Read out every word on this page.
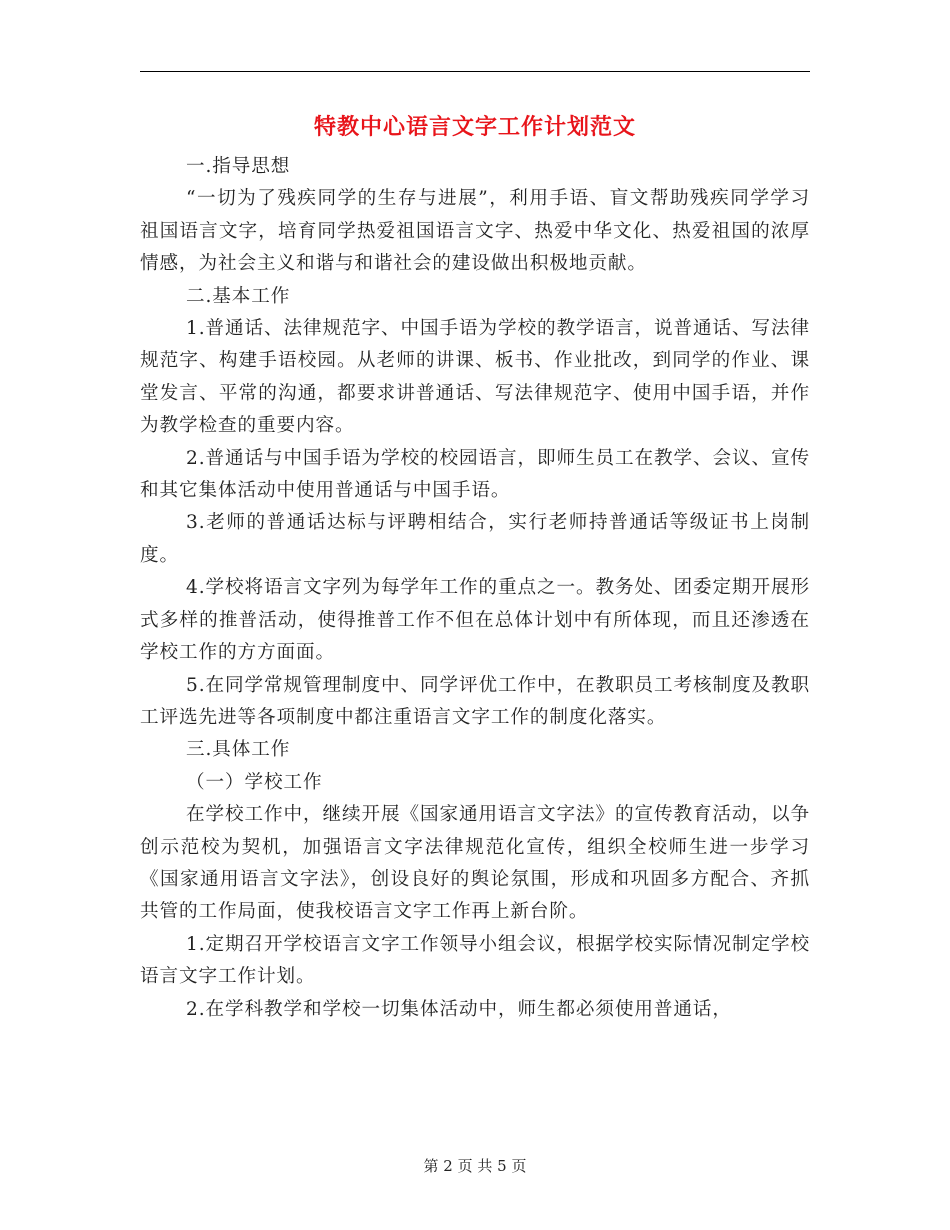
特教中心语言文字工作计划范文

一.指导思想

“一切为了残疾同学的生存与进展”，利用手语、盲文帮助残疾同学学习祖国语言文字，培育同学热爱祖国语言文字、热爱中华文化、热爱祖国的浓厚情感，为社会主义和谐与和谐社会的建设做出积极地贡献。

二.基本工作

1.普通话、法律规范字、中国手语为学校的教学语言，说普通话、写法律规范字、构建手语校园。从老师的讲课、板书、作业批改，到同学的作业、课堂发言、平常的沟通，都要求讲普通话、写法律规范字、使用中国手语，并作为教学检查的重要内容。

2.普通话与中国手语为学校的校园语言，即师生员工在教学、会议、宣传和其它集体活动中使用普通话与中国手语。

3.老师的普通话达标与评聘相结合，实行老师持普通话等级证书上岗制度。

4.学校将语言文字列为每学年工作的重点之一。教务处、团委定期开展形式多样的推普活动，使得推普工作不但在总体计划中有所体现，而且还渗透在学校工作的方方面面。

5.在同学常规管理制度中、同学评优工作中，在教职员工考核制度及教职工评选先进等各项制度中都注重语言文字工作的制度化落实。

三.具体工作

（一）学校工作

在学校工作中，继续开展《国家通用语言文字法》的宣传教育活动，以争创示范校为契机，加强语言文字法律规范化宣传，组织全校师生进一步学习《国家通用语言文字法》，创设良好的舆论氛围，形成和巩固多方配合、齐抓共管的工作局面，使我校语言文字工作再上新台阶。

1.定期召开学校语言文字工作领导小组会议，根据学校实际情况制定学校语言文字工作计划。

2.在学科教学和学校一切集体活动中，师生都必须使用普通话，

第 2 页 共 5 页
